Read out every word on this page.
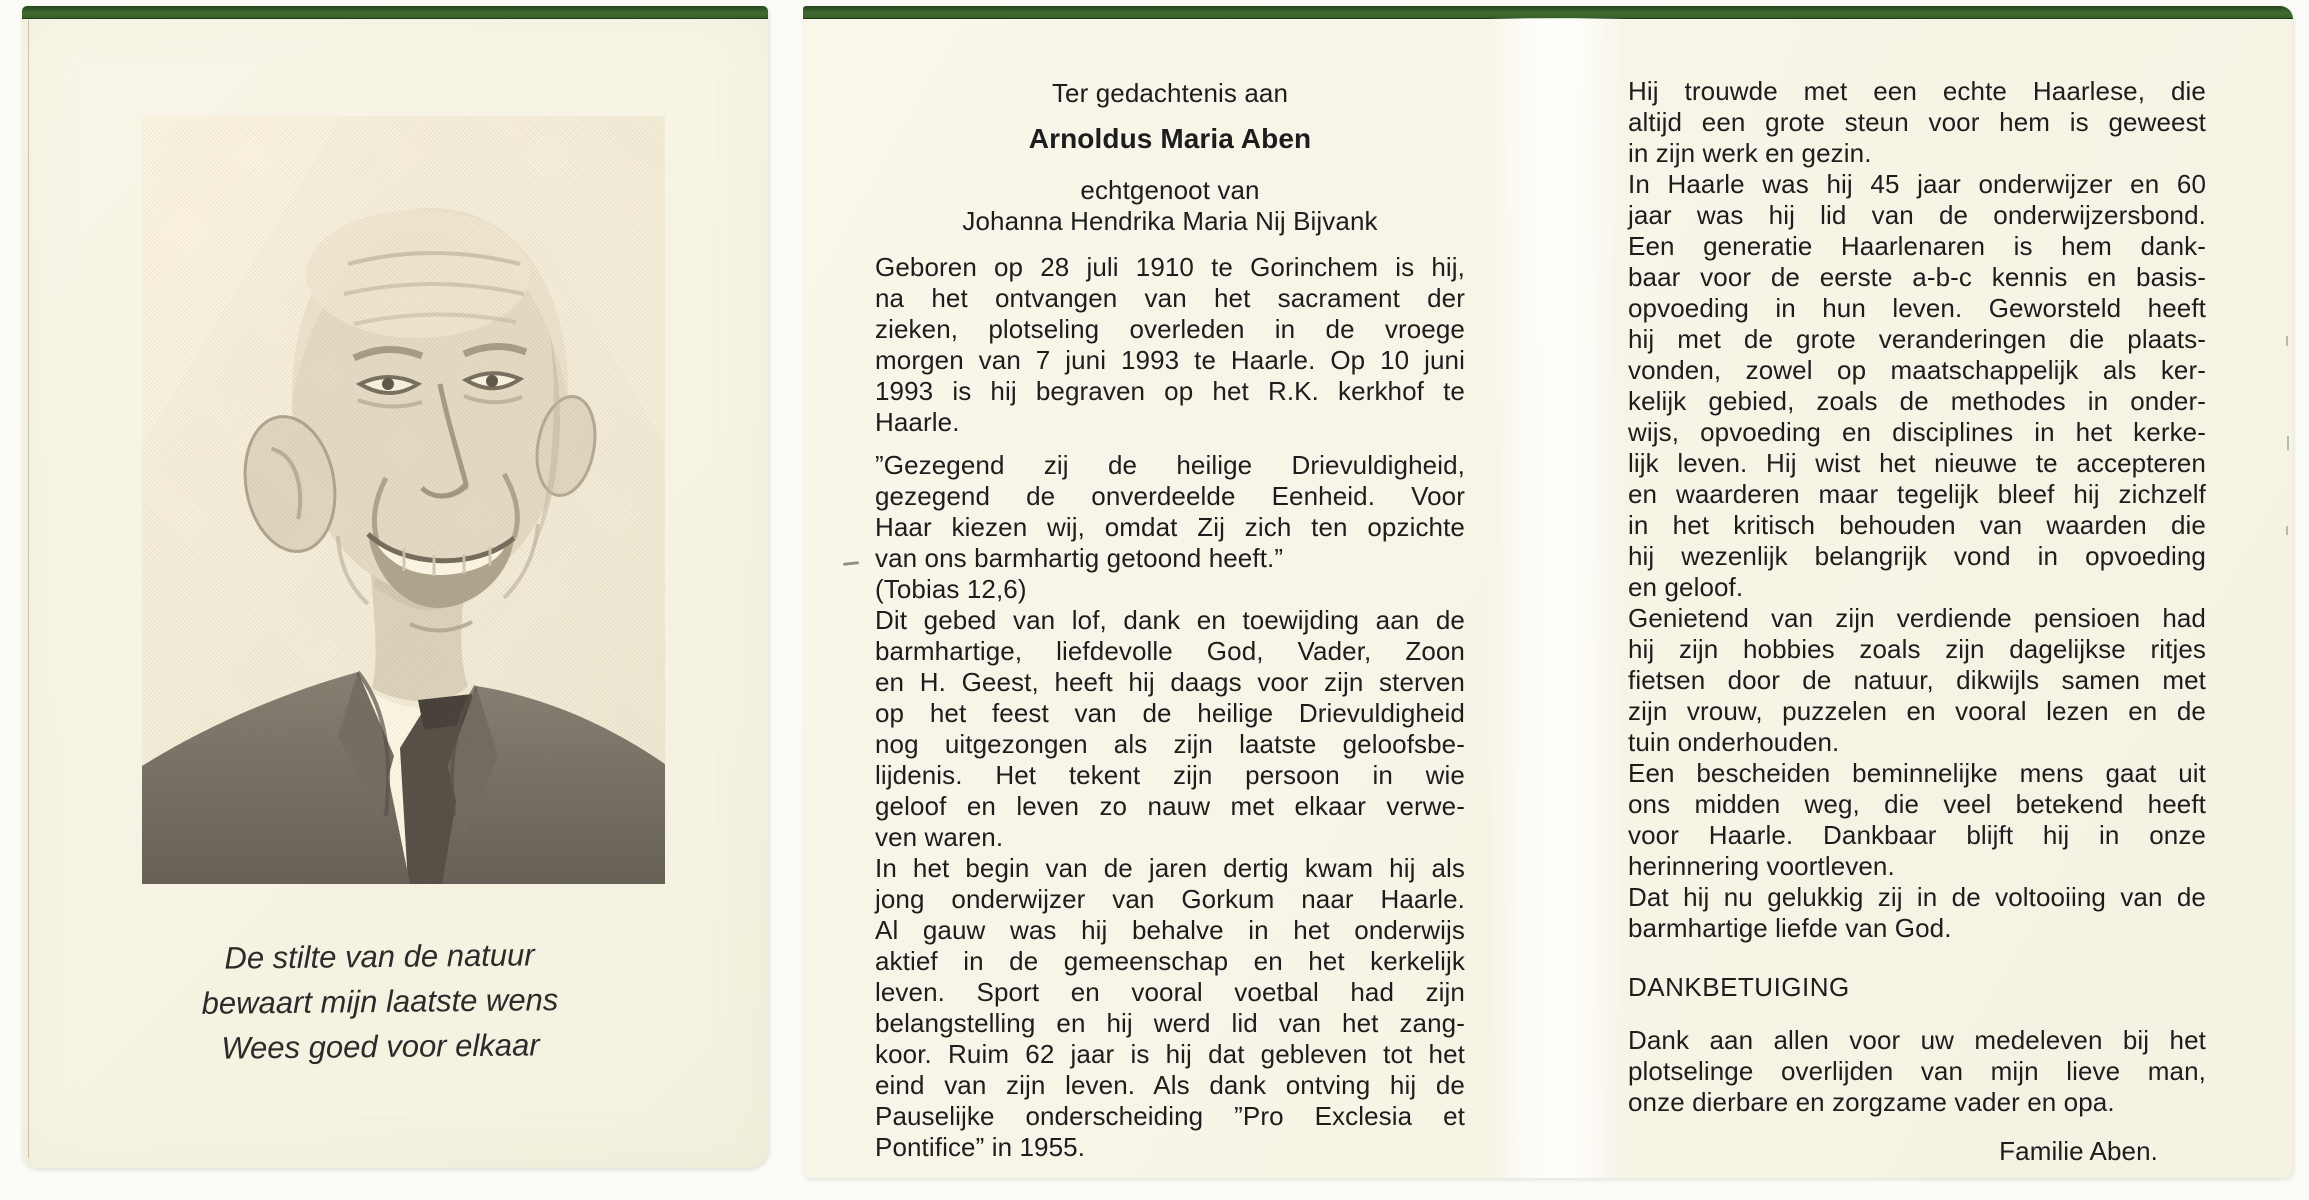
De stilte van de natuur
bewaart mijn laatste wens
Wees goed voor elkaar
Ter gedachtenis aan
Arnoldus Maria Aben
echtgenoot van
Johanna Hendrika Maria Nij Bijvank
Geboren op 28 juli 1910 te Gorinchem is hij,
na het ontvangen van het sacrament der
zieken, plotseling overleden in de vroege
morgen van 7 juni 1993 te Haarle. Op 10 juni
1993 is hij begraven op het R.K. kerkhof te
Haarle.
”Gezegend zij de heilige Drievuldigheid,
gezegend de onverdeelde Eenheid. Voor
Haar kiezen wij, omdat Zij zich ten opzichte
van ons barmhartig getoond heeft.”
(Tobias 12,6)
Dit gebed van lof, dank en toewijding aan de
barmhartige, liefdevolle God, Vader, Zoon
en H. Geest, heeft hij daags voor zijn sterven
op het feest van de heilige Drievuldigheid
nog uitgezongen als zijn laatste geloofsbe-
lijdenis. Het tekent zijn persoon in wie
geloof en leven zo nauw met elkaar verwe-
ven waren.
In het begin van de jaren dertig kwam hij als
jong onderwijzer van Gorkum naar Haarle.
Al gauw was hij behalve in het onderwijs
aktief in de gemeenschap en het kerkelijk
leven. Sport en vooral voetbal had zijn
belangstelling en hij werd lid van het zang-
koor. Ruim 62 jaar is hij dat gebleven tot het
eind van zijn leven. Als dank ontving hij de
Pauselijke onderscheiding ”Pro Exclesia et
Pontifice” in 1955.
Hij trouwde met een echte Haarlese, die
altijd een grote steun voor hem is geweest
in zijn werk en gezin.
In Haarle was hij 45 jaar onderwijzer en 60
jaar was hij lid van de onderwijzersbond.
Een generatie Haarlenaren is hem dank-
baar voor de eerste a-b-c kennis en basis-
opvoeding in hun leven. Geworsteld heeft
hij met de grote veranderingen die plaats-
vonden, zowel op maatschappelijk als ker-
kelijk gebied, zoals de methodes in onder-
wijs, opvoeding en disciplines in het kerke-
lijk leven. Hij wist het nieuwe te accepteren
en waarderen maar tegelijk bleef hij zichzelf
in het kritisch behouden van waarden die
hij wezenlijk belangrijk vond in opvoeding
en geloof.
Genietend van zijn verdiende pensioen had
hij zijn hobbies zoals zijn dagelijkse ritjes
fietsen door de natuur, dikwijls samen met
zijn vrouw, puzzelen en vooral lezen en de
tuin onderhouden.
Een bescheiden beminnelijke mens gaat uit
ons midden weg, die veel betekend heeft
voor Haarle. Dankbaar blijft hij in onze
herinnering voortleven.
Dat hij nu gelukkig zij in de voltooiing van de
barmhartige liefde van God.
DANKBETUIGING
Dank aan allen voor uw medeleven bij het
plotselinge overlijden van mijn lieve man,
onze dierbare en zorgzame vader en opa.
Familie Aben.
